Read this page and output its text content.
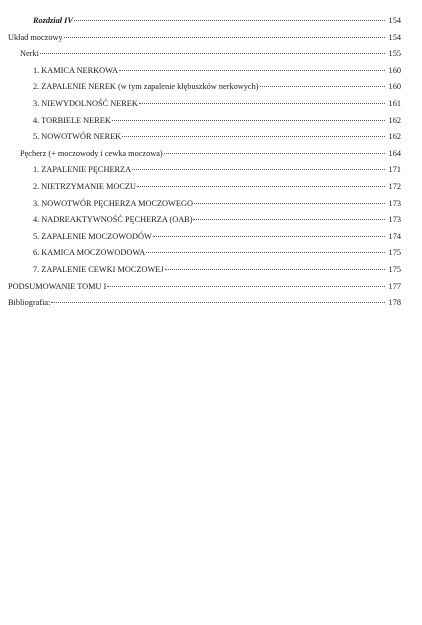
Rozdział IV	154
Układ moczowy	154
Nerki	155
1. KAMICA NERKOWA	160
2. ZAPALENIE NEREK (w tym zapalenie kłębuszków nerkowych)	160
3. NIEWYDOLNOŚĆ NEREK	161
4. TORBIELE NEREK	162
5. NOWOTWÓR NEREK	162
Pęcherz (+ moczowody i cewka moczowa)	164
1. ZAPALENIE PĘCHERZA	171
2. NIETRZYMANIE MOCZU	172
3. NOWOTWÓR PĘCHERZA MOCZOWEGO	173
4. NADREAKTYWNOŚĆ PĘCHERZA (OAB)	173
5. ZAPALENIE MOCZOWODÓW	174
6. KAMICA MOCZOWODOWA	175
7. ZAPALENIE CEWKI MOCZOWEJ	175
PODSUMOWANIE TOMU I	177
Bibliografia:	178
